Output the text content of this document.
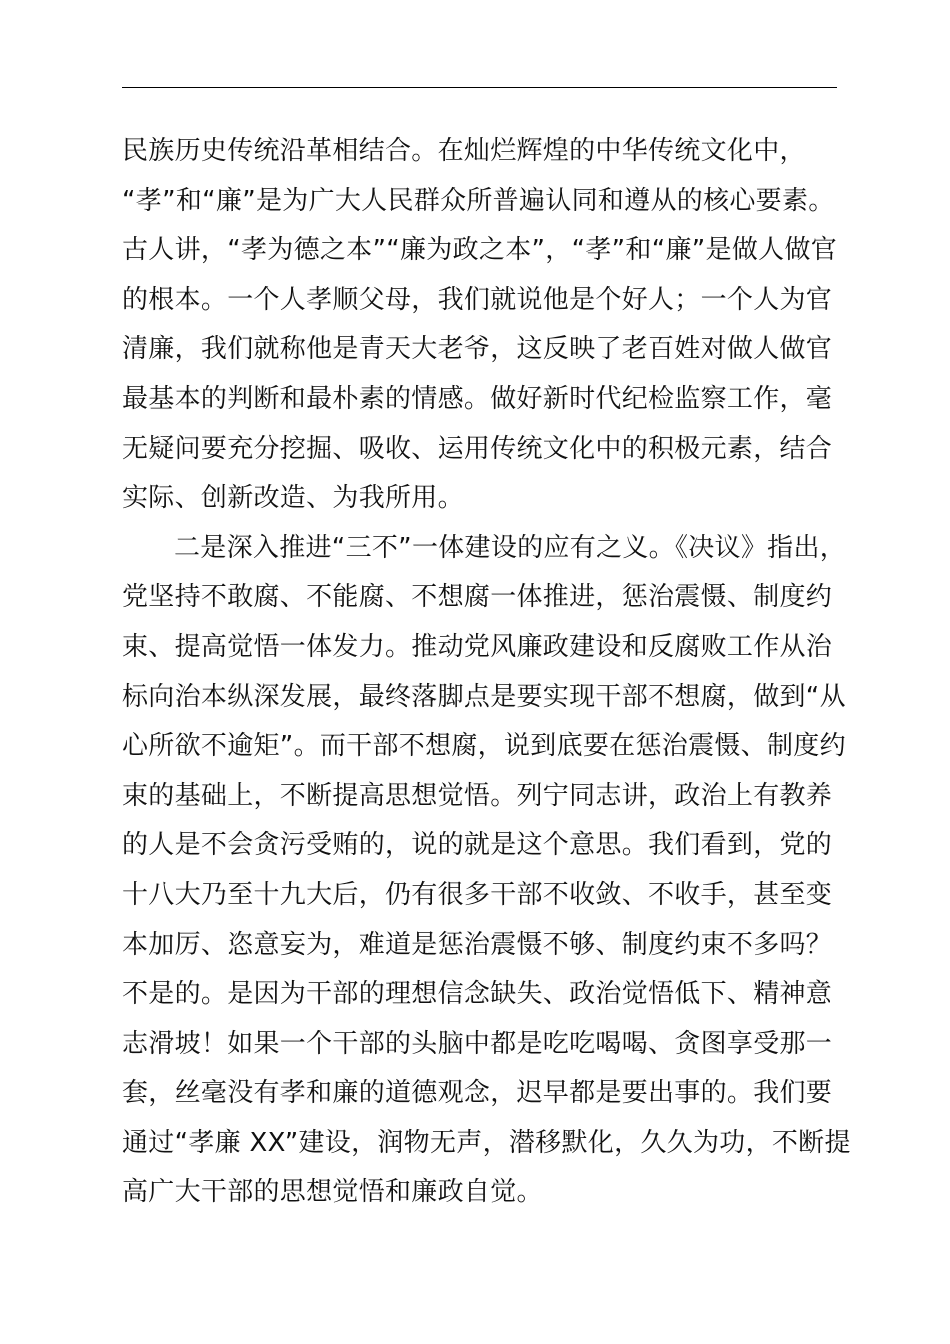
民族历史传统沿革相结合。在灿烂辉煌的中华传统文化中，
“孝”和“廉”是为广大人民群众所普遍认同和遵从的核心要素。
古人讲，“孝为德之本”“廉为政之本”，“孝”和“廉”是做人做官
的根本。一个人孝顺父母，我们就说他是个好人；一个人为官
清廉，我们就称他是青天大老爷，这反映了老百姓对做人做官
最基本的判断和最朴素的情感。做好新时代纪检监察工作，毫
无疑问要充分挖掘、吸收、运用传统文化中的积极元素，结合
实际、创新改造、为我所用。
二是深入推进“三不”一体建设的应有之义。《决议》指出，
党坚持不敢腐、不能腐、不想腐一体推进，惩治震慑、制度约
束、提高觉悟一体发力。推动党风廉政建设和反腐败工作从治
标向治本纵深发展，最终落脚点是要实现干部不想腐，做到“从
心所欲不逾矩”。而干部不想腐，说到底要在惩治震慑、制度约
束的基础上，不断提高思想觉悟。列宁同志讲，政治上有教养
的人是不会贪污受贿的，说的就是这个意思。我们看到，党的
十八大乃至十九大后，仍有很多干部不收敛、不收手，甚至变
本加厉、恣意妄为，难道是惩治震慑不够、制度约束不多吗？
不是的。是因为干部的理想信念缺失、政治觉悟低下、精神意
志滑坡！如果一个干部的头脑中都是吃吃喝喝、贪图享受那一
套，丝毫没有孝和廉的道德观念，迟早都是要出事的。我们要
通过“孝廉 XX”建设，润物无声，潜移默化，久久为功，不断提
高广大干部的思想觉悟和廉政自觉。
